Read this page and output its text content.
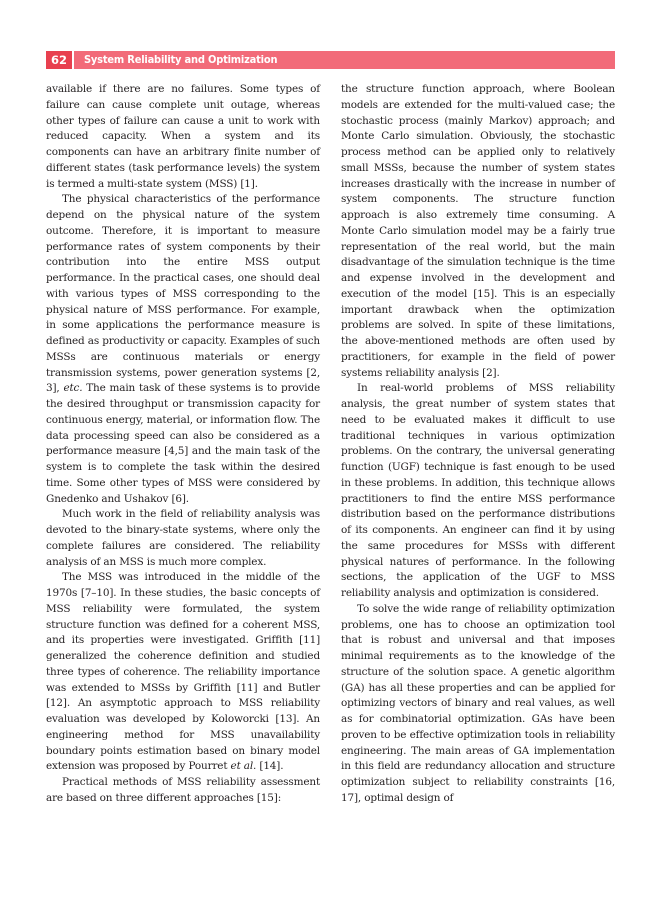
62	System Reliability and Optimization

available if there are no failures. Some types of failure can cause complete unit outage, whereas other types of failure can cause a unit to work with reduced capacity. When a system and its components can have an arbitrary finite number of different states (task performance levels) the system is termed a multi-state system (MSS) [1].

The physical characteristics of the performance depend on the physical nature of the system outcome. Therefore, it is important to measure performance rates of system components by their contribution into the entire MSS output performance. In the practical cases, one should deal with various types of MSS corresponding to the physical nature of MSS performance. For example, in some applications the performance measure is defined as productivity or capacity. Examples of such MSSs are continuous materials or energy transmission systems, power generation systems [2, 3], etc. The main task of these systems is to provide the desired throughput or transmission capacity for continuous energy, material, or information flow. The data processing speed can also be considered as a performance measure [4,5] and the main task of the system is to complete the task within the desired time. Some other types of MSS were considered by Gnedenko and Ushakov [6].

Much work in the field of reliability analysis was devoted to the binary-state systems, where only the complete failures are considered. The reliability analysis of an MSS is much more complex.

The MSS was introduced in the middle of the 1970s [7–10]. In these studies, the basic concepts of MSS reliability were formulated, the system structure function was defined for a coherent MSS, and its properties were investigated. Griffith [11] generalized the coherence definition and studied three types of coherence. The reliability importance was extended to MSSs by Griffith [11] and Butler [12]. An asymptotic approach to MSS reliability evaluation was developed by Koloworcki [13]. An engineering method for MSS unavailability boundary points estimation based on binary model extension was proposed by Pourret et al. [14].

Practical methods of MSS reliability assessment are based on three different approaches [15]:

the structure function approach, where Boolean models are extended for the multi-valued case; the stochastic process (mainly Markov) approach; and Monte Carlo simulation. Obviously, the stochastic process method can be applied only to relatively small MSSs, because the number of system states increases drastically with the increase in number of system components. The structure function approach is also extremely time consuming. A Monte Carlo simulation model may be a fairly true representation of the real world, but the main disadvantage of the simulation technique is the time and expense involved in the development and execution of the model [15]. This is an especially important drawback when the optimization problems are solved. In spite of these limitations, the above-mentioned methods are often used by practitioners, for example in the field of power systems reliability analysis [2].

In real-world problems of MSS reliability analysis, the great number of system states that need to be evaluated makes it difficult to use traditional techniques in various optimization problems. On the contrary, the universal generating function (UGF) technique is fast enough to be used in these problems. In addition, this technique allows practitioners to find the entire MSS performance distribution based on the performance distributions of its components. An engineer can find it by using the same procedures for MSSs with different physical natures of performance. In the following sections, the application of the UGF to MSS reliability analysis and optimization is considered.

To solve the wide range of reliability optimization problems, one has to choose an optimization tool that is robust and universal and that imposes minimal requirements as to the knowledge of the structure of the solution space. A genetic algorithm (GA) has all these properties and can be applied for optimizing vectors of binary and real values, as well as for combinatorial optimization. GAs have been proven to be effective optimization tools in reliability engineering. The main areas of GA implementation in this field are redundancy allocation and structure optimization subject to reliability constraints [16, 17], optimal design of
